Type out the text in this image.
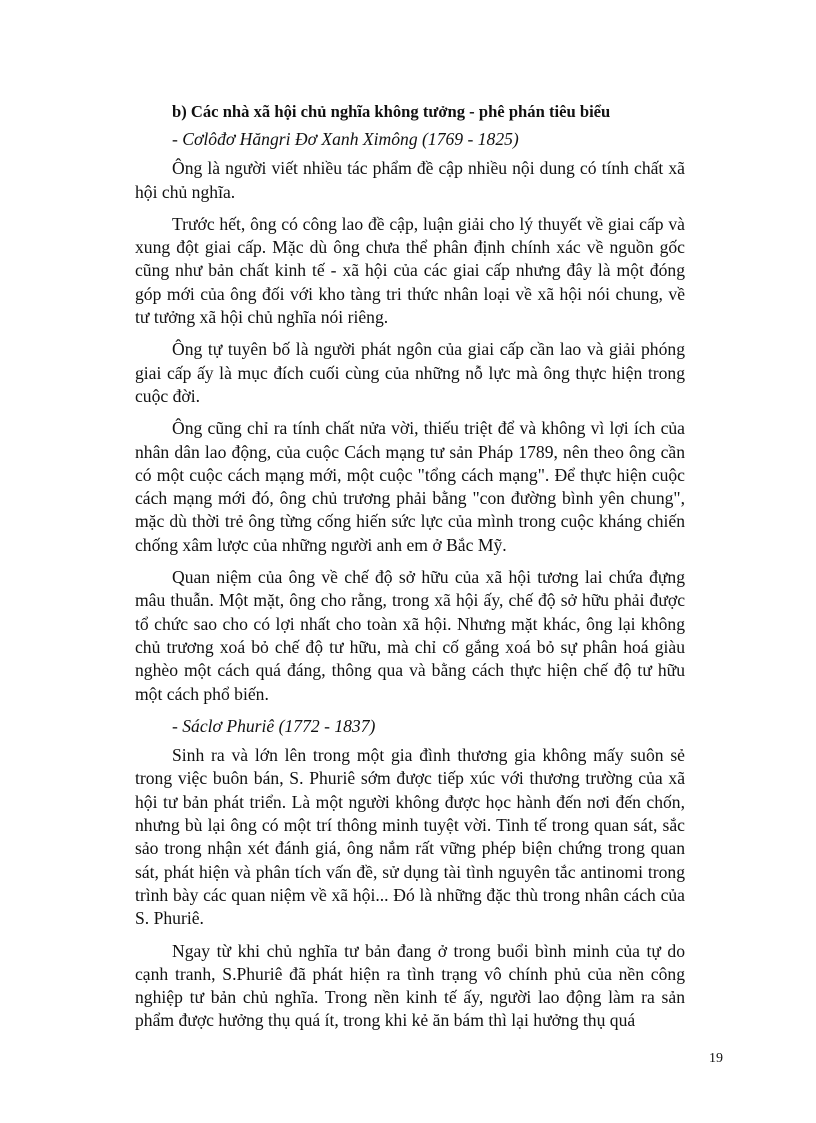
b) Các nhà xã hội chủ nghĩa không tưởng - phê phán tiêu biểu

- Cơlôđơ Hăngri Đơ Xanh Ximông (1769 - 1825)

Ông là người viết nhiều tác phẩm đề cập nhiều nội dung có tính chất xã hội chủ nghĩa.

Trước hết, ông có công lao đề cập, luận giải cho lý thuyết về giai cấp và xung đột giai cấp. Mặc dù ông chưa thể phân định chính xác về nguồn gốc cũng như bản chất kinh tế - xã hội của các giai cấp nhưng đây là một đóng góp mới của ông đối với kho tàng tri thức nhân loại về xã hội nói chung, về tư tưởng xã hội chủ nghĩa nói riêng.

Ông tự tuyên bố là người phát ngôn của giai cấp cần lao và giải phóng giai cấp ấy là mục đích cuối cùng của những nỗ lực mà ông thực hiện trong cuộc đời.

Ông cũng chỉ ra tính chất nửa vời, thiếu triệt để và không vì lợi ích của nhân dân lao động, của cuộc Cách mạng tư sản Pháp 1789, nên theo ông cần có một cuộc cách mạng mới, một cuộc "tổng cách mạng". Để thực hiện cuộc cách mạng mới đó, ông chủ trương phải bằng "con đường bình yên chung", mặc dù thời trẻ ông từng cống hiến sức lực của mình trong cuộc kháng chiến chống xâm lược của những người anh em ở Bắc Mỹ.

Quan niệm của ông về chế độ sở hữu của xã hội tương lai chứa đựng mâu thuẫn. Một mặt, ông cho rằng, trong xã hội ấy, chế độ sở hữu phải được tổ chức sao cho có lợi nhất cho toàn xã hội. Nhưng mặt khác, ông lại không chủ trương xoá bỏ chế độ tư hữu, mà chỉ cố gắng xoá bỏ sự phân hoá giàu nghèo một cách quá đáng, thông qua và bằng cách thực hiện chế độ tư hữu một cách phổ biến.

- Sáclơ Phuriê (1772 - 1837)

Sinh ra và lớn lên trong một gia đình thương gia không mấy suôn sẻ trong việc buôn bán, S. Phuriê sớm được tiếp xúc với thương trường của xã hội tư bản phát triển. Là một người không được học hành đến nơi đến chốn, nhưng bù lại ông có một trí thông minh tuyệt vời. Tinh tế trong quan sát, sắc sảo trong nhận xét đánh giá, ông nắm rất vững phép biện chứng trong quan sát, phát hiện và phân tích vấn đề, sử dụng tài tình nguyên tắc antinomi trong trình bày các quan niệm về xã hội... Đó là những đặc thù trong nhân cách của S. Phuriê.

Ngay từ khi chủ nghĩa tư bản đang ở trong buổi bình minh của tự do cạnh tranh, S.Phuriê đã phát hiện ra tình trạng vô chính phủ của nền công nghiệp tư bản chủ nghĩa. Trong nền kinh tế ấy, người lao động làm ra sản phẩm được hưởng thụ quá ít, trong khi kẻ ăn bám thì lại hưởng thụ quá

19
